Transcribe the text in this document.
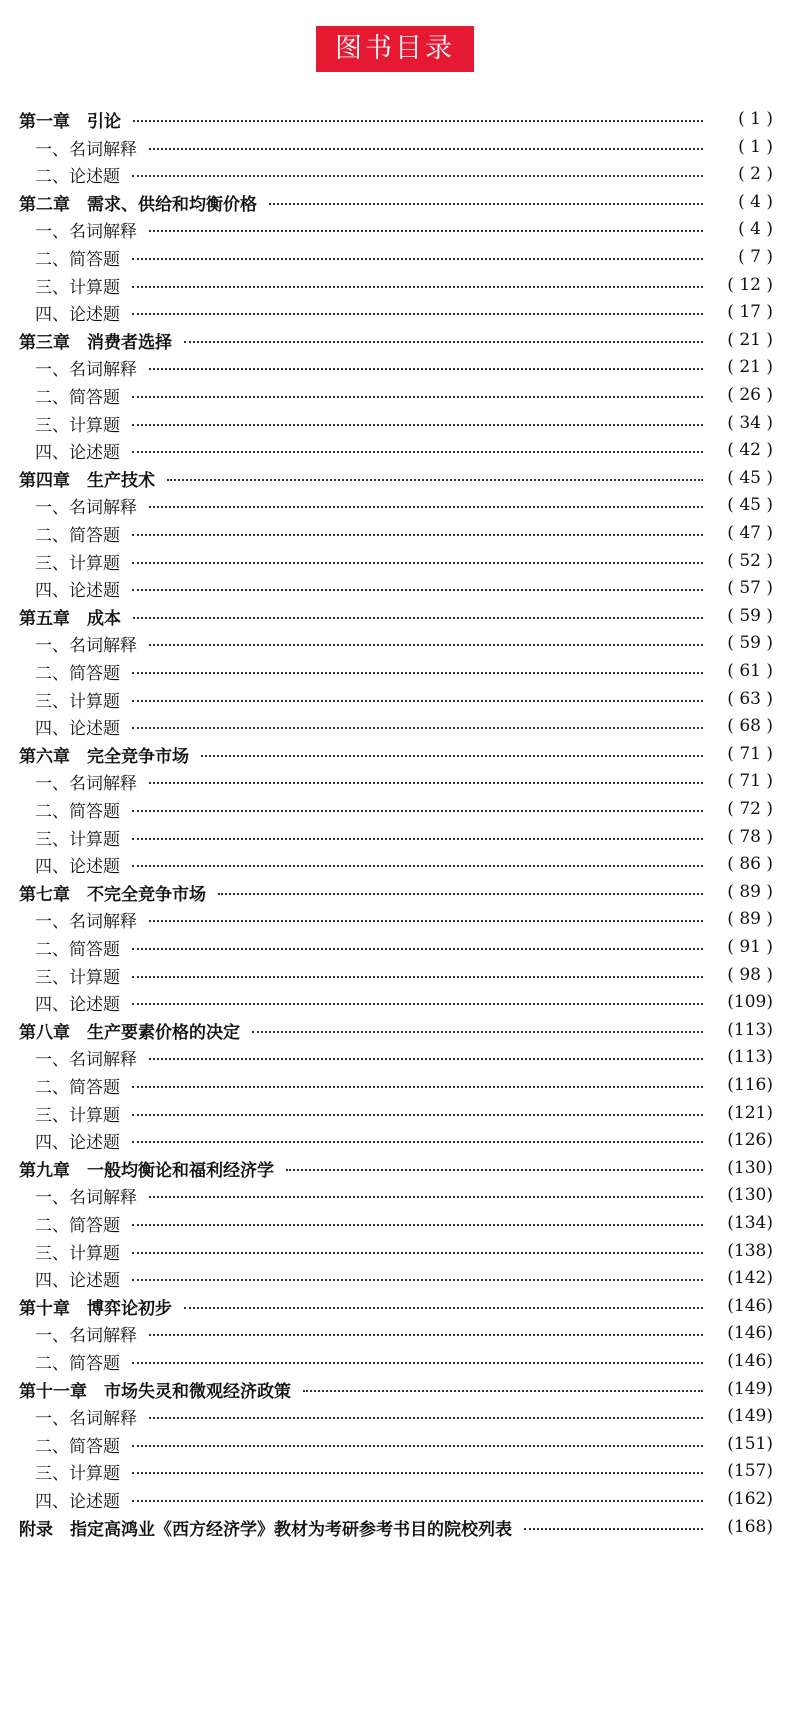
图书目录
第一章　引论	( 1 )
一、名词解释	( 1 )
二、论述题	( 2 )
第二章　需求、供给和均衡价格	( 4 )
一、名词解释	( 4 )
二、简答题	( 7 )
三、计算题	( 12 )
四、论述题	( 17 )
第三章　消费者选择	( 21 )
一、名词解释	( 21 )
二、简答题	( 26 )
三、计算题	( 34 )
四、论述题	( 42 )
第四章　生产技术	( 45 )
一、名词解释	( 45 )
二、简答题	( 47 )
三、计算题	( 52 )
四、论述题	( 57 )
第五章　成本	( 59 )
一、名词解释	( 59 )
二、简答题	( 61 )
三、计算题	( 63 )
四、论述题	( 68 )
第六章　完全竞争市场	( 71 )
一、名词解释	( 71 )
二、简答题	( 72 )
三、计算题	( 78 )
四、论述题	( 86 )
第七章　不完全竞争市场	( 89 )
一、名词解释	( 89 )
二、简答题	( 91 )
三、计算题	( 98 )
四、论述题	(109)
第八章　生产要素价格的决定	(113)
一、名词解释	(113)
二、简答题	(116)
三、计算题	(121)
四、论述题	(126)
第九章　一般均衡论和福利经济学	(130)
一、名词解释	(130)
二、简答题	(134)
三、计算题	(138)
四、论述题	(142)
第十章　博弈论初步	(146)
一、名词解释	(146)
二、简答题	(146)
第十一章　市场失灵和微观经济政策	(149)
一、名词解释	(149)
二、简答题	(151)
三、计算题	(157)
四、论述题	(162)
附录　指定高鸿业《西方经济学》教材为考研参考书目的院校列表	(168)
